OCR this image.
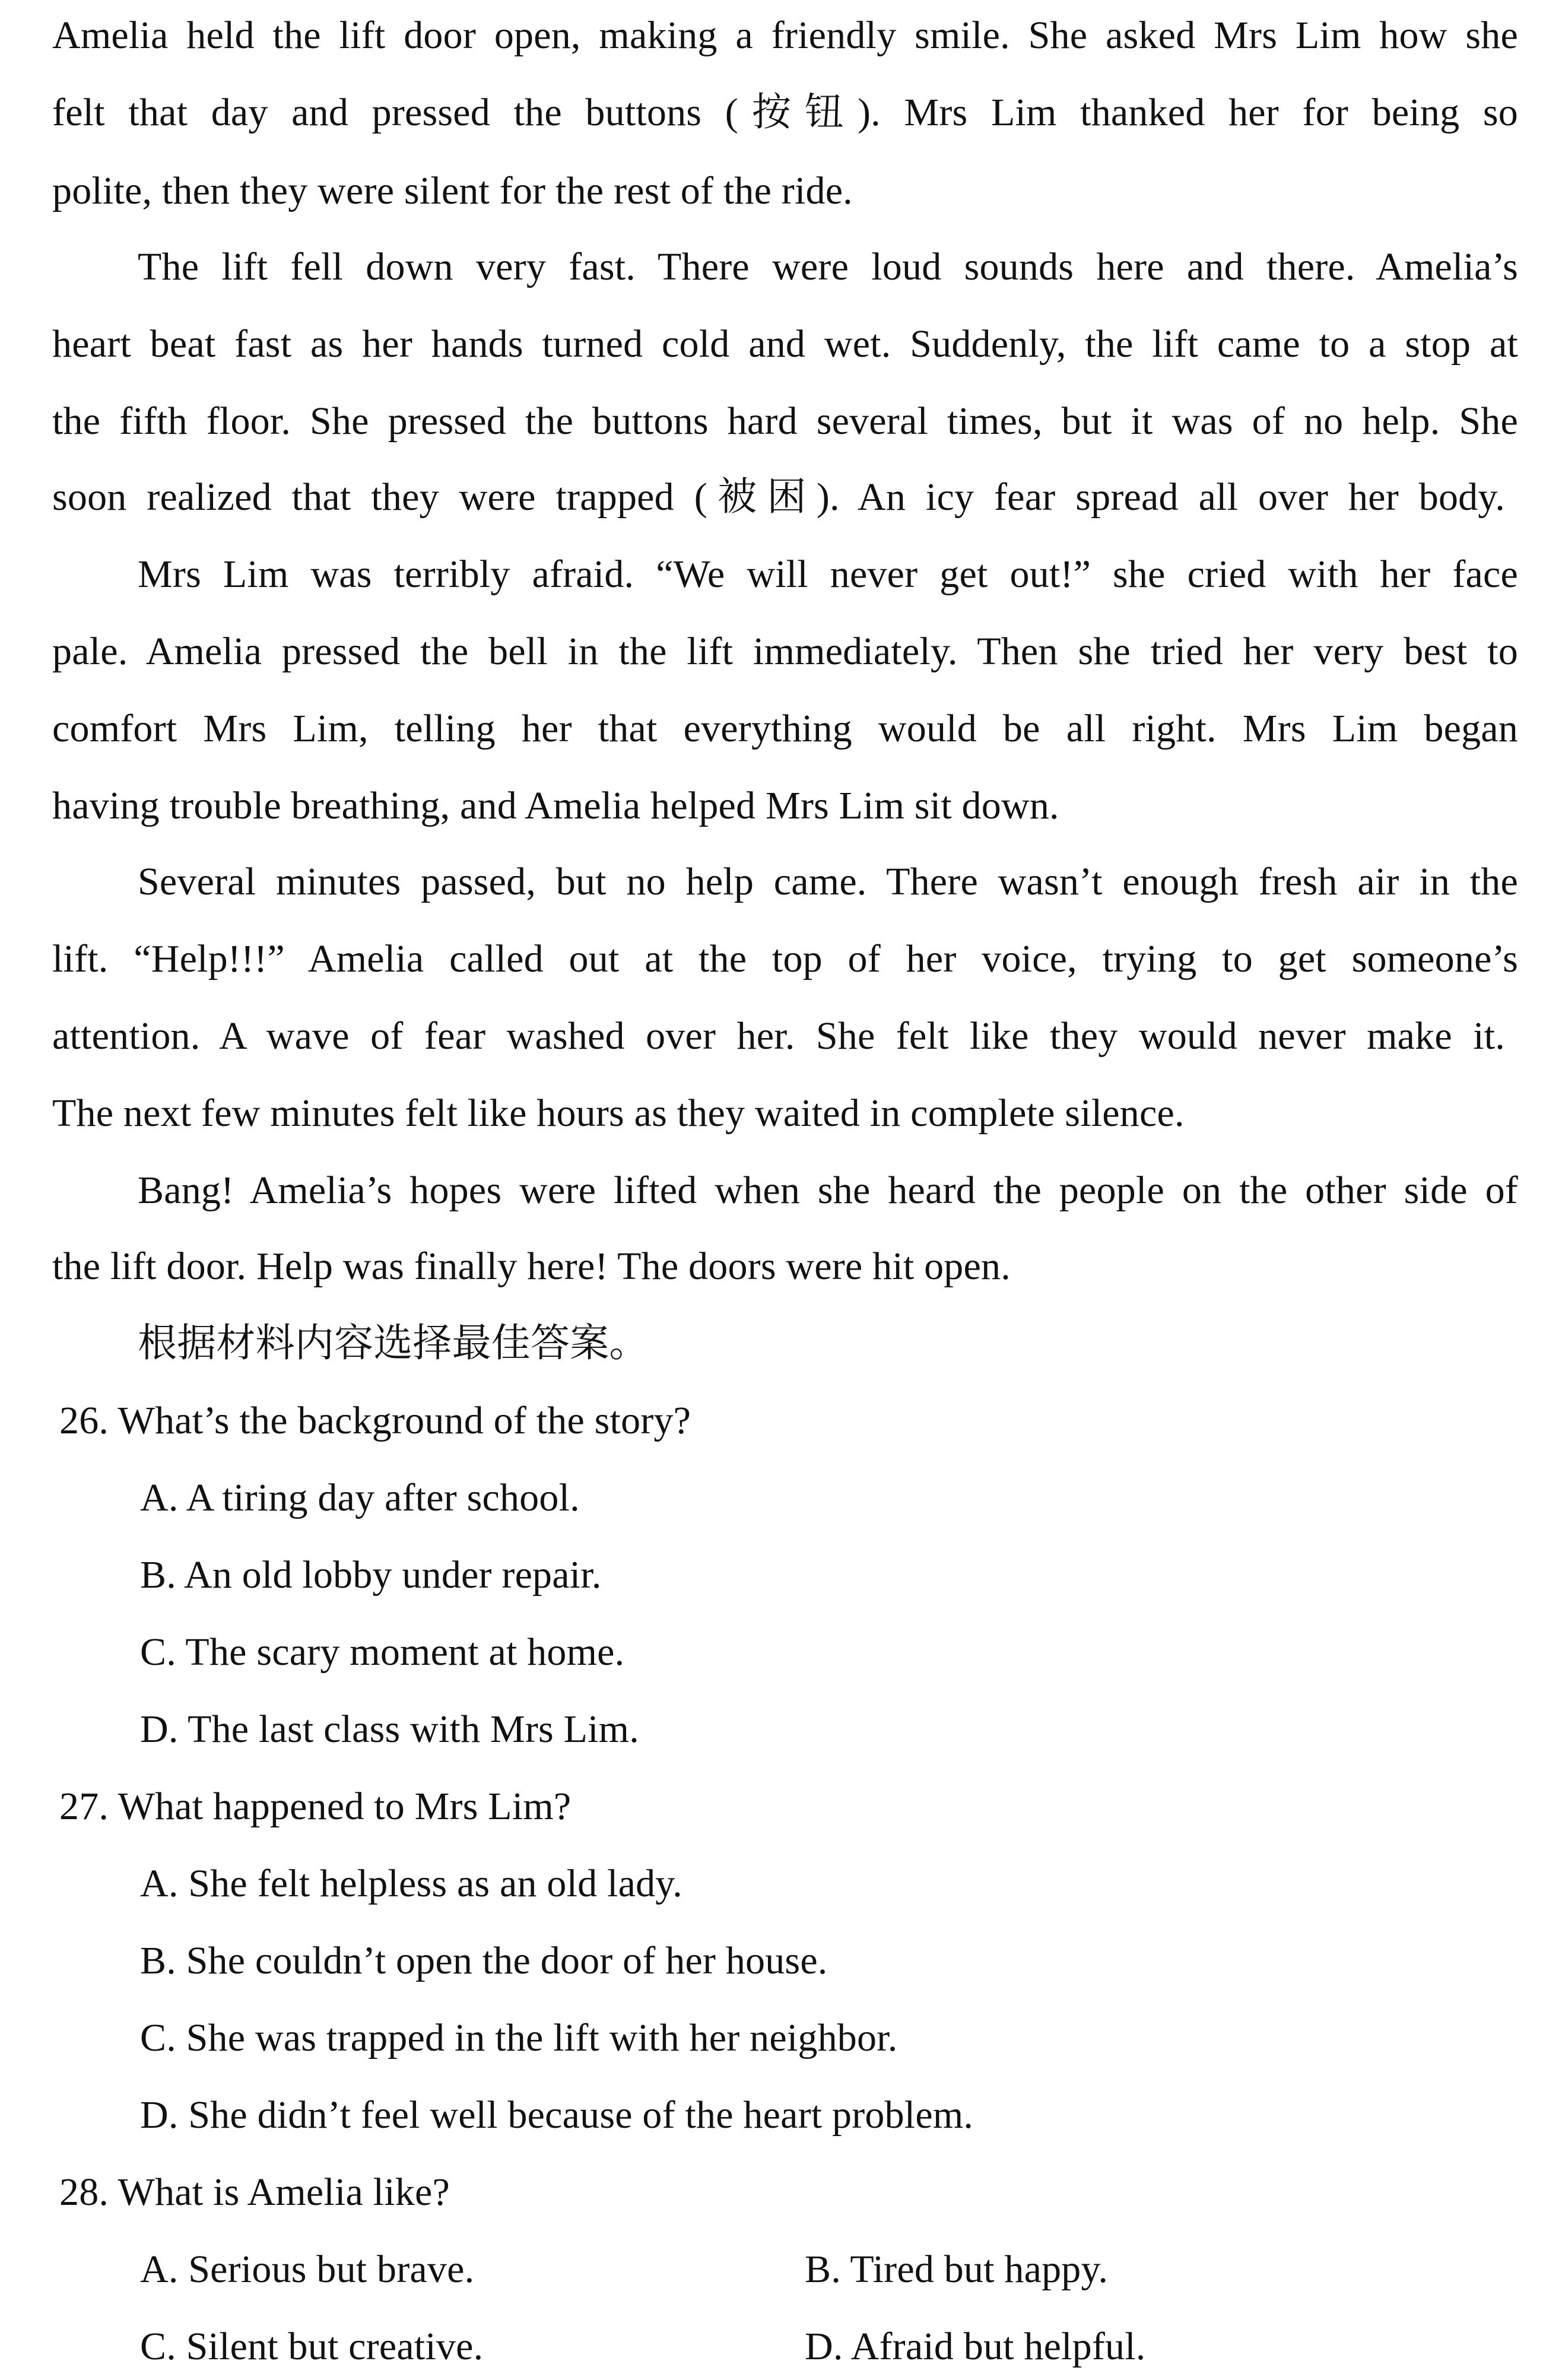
Amelia held the lift door open, making a friendly smile. She asked Mrs Lim how she
felt that day and pressed the buttons (按钮). Mrs Lim thanked her for being so
polite, then they were silent for the rest of the ride.
The lift fell down very fast. There were loud sounds here and there. Amelia’s
heart beat fast as her hands turned cold and wet. Suddenly, the lift came to a stop at
the fifth floor. She pressed the buttons hard several times, but it was of no help. She
soon realized that they were trapped (被困). An icy fear spread all over her body.
Mrs Lim was terribly afraid. “We will never get out!” she cried with her face
pale. Amelia pressed the bell in the lift immediately. Then she tried her very best to
comfort Mrs Lim, telling her that everything would be all right. Mrs Lim began
having trouble breathing, and Amelia helped Mrs Lim sit down.
Several minutes passed, but no help came. There wasn’t enough fresh air in the
lift. “Help!!!” Amelia called out at the top of her voice, trying to get someone’s
attention. A wave of fear washed over her. She felt like they would never make it.
The next few minutes felt like hours as they waited in complete silence.
Bang! Amelia’s hopes were lifted when she heard the people on the other side of
the lift door. Help was finally here! The doors were hit open.
根据材料内容选择最佳答案。
26. What’s the background of the story?
A. A tiring day after school.
B. An old lobby under repair.
C. The scary moment at home.
D. The last class with Mrs Lim.
27. What happened to Mrs Lim?
A. She felt helpless as an old lady.
B. She couldn’t open the door of her house.
C. She was trapped in the lift with her neighbor.
D. She didn’t feel well because of the heart problem.
28. What is Amelia like?
A. Serious but brave.	B. Tired but happy.
C. Silent but creative.	D. Afraid but helpful.
